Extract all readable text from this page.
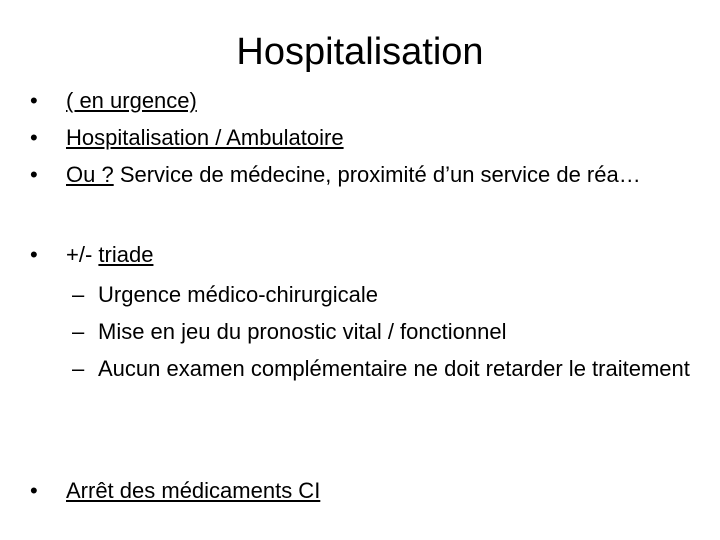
Hospitalisation
•	( en urgence)
•	Hospitalisation / Ambulatoire
•	Ou ? Service de médecine, proximité d’un service de réa…
•	+/- triade
– Urgence médico-chirurgicale
– Mise en jeu du pronostic vital / fonctionnel
– Aucun examen complémentaire ne doit retarder le traitement
•	Arrêt des médicaments CI
